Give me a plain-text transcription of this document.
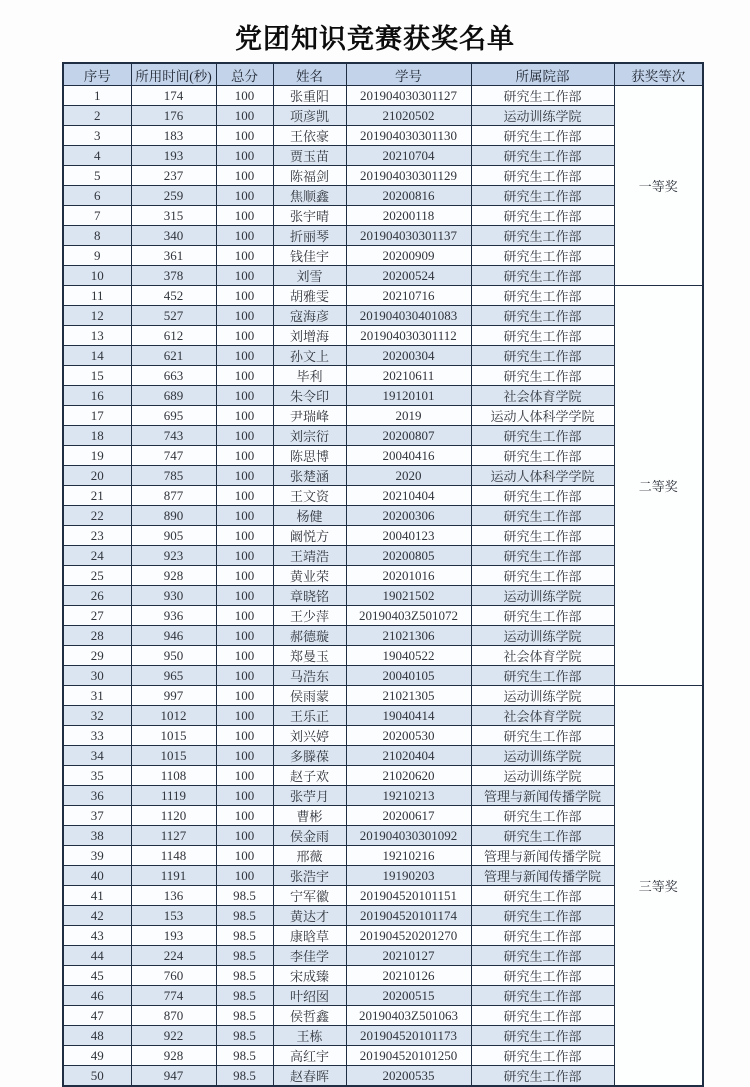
党团知识竞赛获奖名单
序号	所用时间(秒)	总分	姓名	学号	所属院部	获奖等次
1	174	100	张重阳	201904030301127	研究生工作部	一等奖
2	176	100	项彦凯	21020502	运动训练学院	
3	183	100	王依豪	201904030301130	研究生工作部	
4	193	100	贾玉苗	20210704	研究生工作部	
5	237	100	陈福剑	201904030301129	研究生工作部	
6	259	100	焦顺鑫	20200816	研究生工作部	
7	315	100	张宇晴	20200118	研究生工作部	
8	340	100	折丽琴	201904030301137	研究生工作部	
9	361	100	钱佳宇	20200909	研究生工作部	
10	378	100	刘雪	20200524	研究生工作部	
11	452	100	胡雅雯	20210716	研究生工作部	二等奖
12	527	100	寇海彦	201904030401083	研究生工作部	
13	612	100	刘增海	201904030301112	研究生工作部	
14	621	100	孙文上	20200304	研究生工作部	
15	663	100	毕利	20210611	研究生工作部	
16	689	100	朱令印	19120101	社会体育学院	
17	695	100	尹瑞峰	2019	运动人体科学学院	
18	743	100	刘宗衍	20200807	研究生工作部	
19	747	100	陈思博	20040416	研究生工作部	
20	785	100	张楚涵	2020	运动人体科学学院	
21	877	100	王文资	20210404	研究生工作部	
22	890	100	杨健	20200306	研究生工作部	
23	905	100	阚悦方	20040123	研究生工作部	
24	923	100	王靖浩	20200805	研究生工作部	
25	928	100	黄业荣	20201016	研究生工作部	
26	930	100	章晓铭	19021502	运动训练学院	
27	936	100	王少萍	20190403Z501072	研究生工作部	
28	946	100	郝德璇	21021306	运动训练学院	
29	950	100	郑曼玉	19040522	社会体育学院	
30	965	100	马浩东	20040105	研究生工作部	
31	997	100	侯雨蒙	21021305	运动训练学院	三等奖
32	1012	100	王乐正	19040414	社会体育学院	
33	1015	100	刘兴婷	20200530	研究生工作部	
34	1015	100	多滕葆	21020404	运动训练学院	
35	1108	100	赵子欢	21020620	运动训练学院	
36	1119	100	张苧月	19210213	管理与新闻传播学院	
37	1120	100	曹彬	20200617	研究生工作部	
38	1127	100	侯金雨	201904030301092	研究生工作部	
39	1148	100	邢薇	19210216	管理与新闻传播学院	
40	1191	100	张浩宇	19190203	管理与新闻传播学院	
41	136	98.5	宁军徽	201904520101151	研究生工作部	
42	153	98.5	黄达才	201904520101174	研究生工作部	
43	193	98.5	康晗草	201904520201270	研究生工作部	
44	224	98.5	李佳学	20210127	研究生工作部	
45	760	98.5	宋成臻	20210126	研究生工作部	
46	774	98.5	叶绍囡	20200515	研究生工作部	
47	870	98.5	侯哲鑫	20190403Z501063	研究生工作部	
48	922	98.5	王栋	201904520101173	研究生工作部	
49	928	98.5	高红宇	201904520101250	研究生工作部	
50	947	98.5	赵春晖	20200535	研究生工作部	
